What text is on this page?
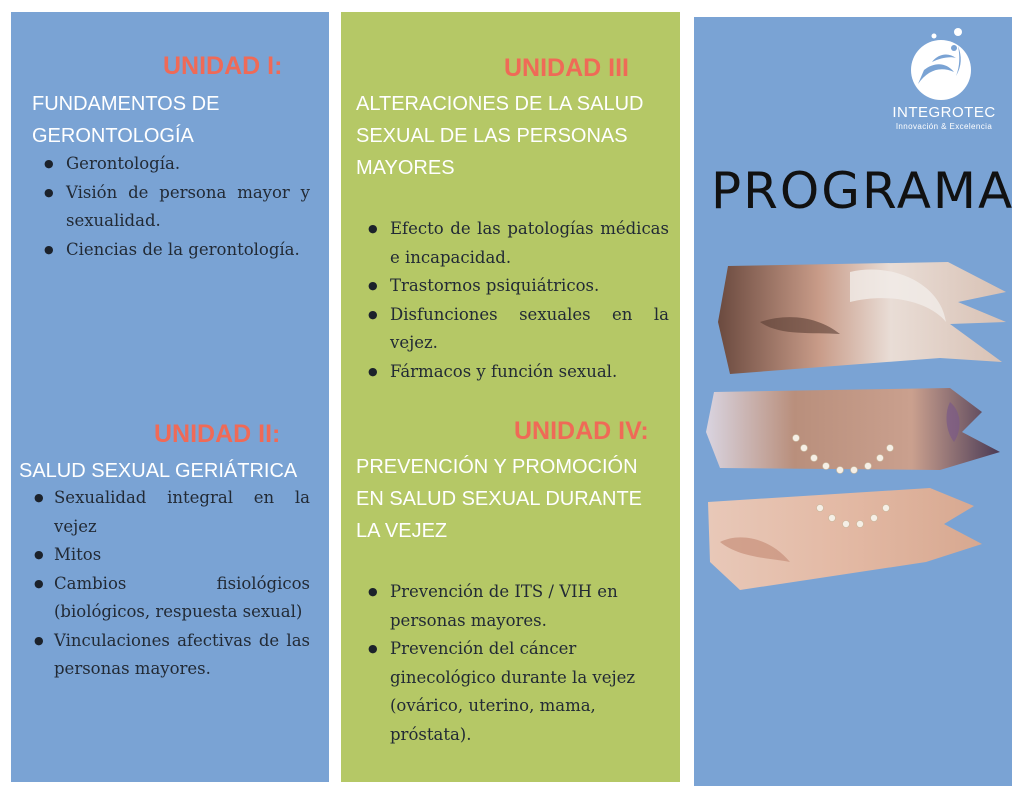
UNIDAD I:
FUNDAMENTOS DE
GERONTOLOGÍA
● Gerontología.
● Visión de persona mayor y sexualidad.
● Ciencias de la gerontología.
UNIDAD II:
SALUD SEXUAL GERIÁTRICA
● Sexualidad integral en la vejez
● Mitos
● Cambios fisiológicos (biológicos, respuesta sexual)
● Vinculaciones afectivas de las personas mayores.
UNIDAD III
ALTERACIONES DE LA SALUD
SEXUAL DE LAS PERSONAS
MAYORES
● Efecto de las patologías médicas e incapacidad.
● Trastornos psiquiátricos.
● Disfunciones sexuales en la vejez.
● Fármacos y función sexual.
UNIDAD IV:
PREVENCIÓN Y PROMOCIÓN
EN SALUD SEXUAL DURANTE
LA VEJEZ
● Prevención de ITS / VIH en personas mayores.
● Prevención del cáncer ginecológico durante la vejez (ovárico, uterino, mama, próstata).
INTEGROTEC
Innovación & Excelencia
PROGRAMA
